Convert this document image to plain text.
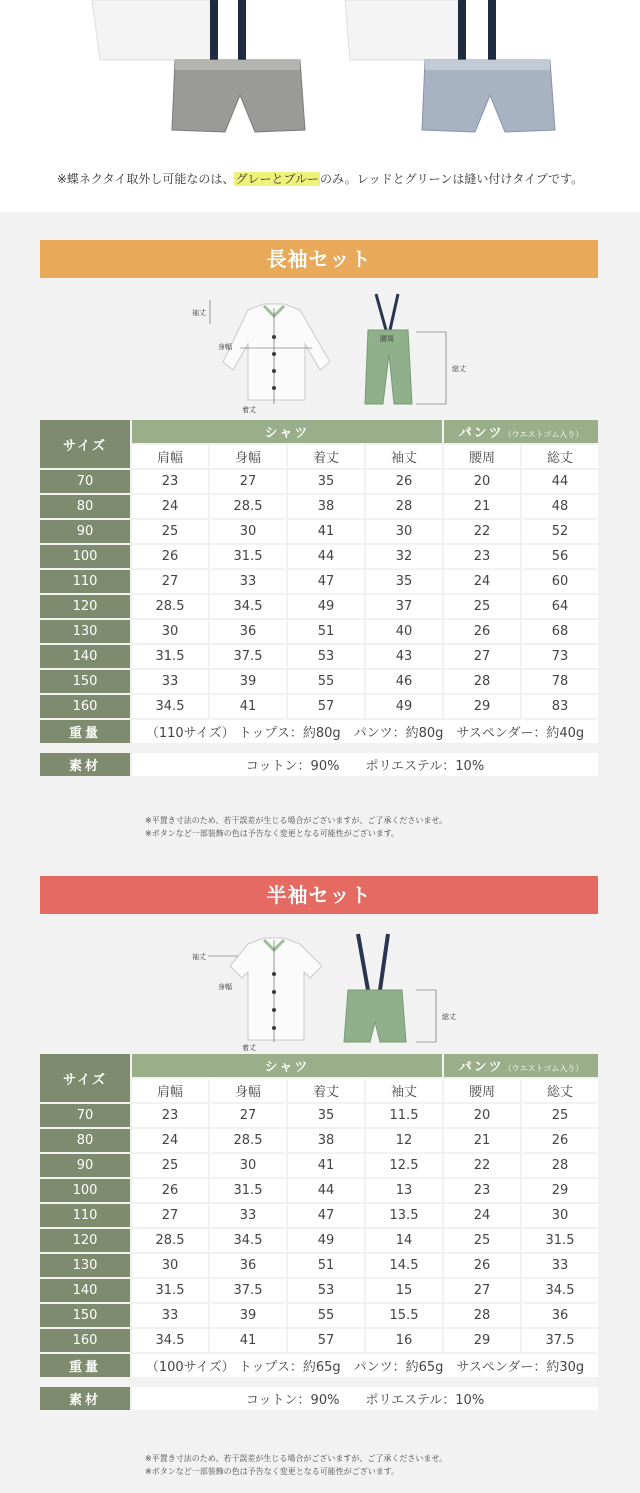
※蝶ネクタイ取外し可能なのは、グレーとブルーのみ。レッドとグリーンは縫い付けタイプです。
長袖セット
袖丈
身幅
着丈
腰周
総丈
サイズ	シャツ				パンツ（ウエストゴム入り）	
	肩幅	身幅	着丈	袖丈	腰周	総丈
70	23	27	35	26	20	44
80	24	28.5	38	28	21	48
90	25	30	41	30	22	52
100	26	31.5	44	32	23	56
110	27	33	47	35	24	60
120	28.5	34.5	49	37	25	64
130	30	36	51	40	26	68
140	31.5	37.5	53	43	27	73
150	33	39	55	46	28	78
160	34.5	41	57	49	29	83
重量	（110サイズ） トップス：約80g　パンツ：約80g　サスペンダー：約40g					
素材	コットン：90%　　ポリエステル：10%
※平置き寸法のため、若干誤差が生じる場合がございますが、ご了承くださいませ。
※ボタンなど一部装飾の色は予告なく変更となる可能性がございます。
半袖セット
袖丈
身幅
着丈
総丈
サイズ	シャツ				パンツ（ウエストゴム入り）	
	肩幅	身幅	着丈	袖丈	腰周	総丈
70	23	27	35	11.5	20	25
80	24	28.5	38	12	21	26
90	25	30	41	12.5	22	28
100	26	31.5	44	13	23	29
110	27	33	47	13.5	24	30
120	28.5	34.5	49	14	25	31.5
130	30	36	51	14.5	26	33
140	31.5	37.5	53	15	27	34.5
150	33	39	55	15.5	28	36
160	34.5	41	57	16	29	37.5
重量	（100サイズ） トップス：約65g　パンツ：約65g　サスペンダー：約30g					
素材	コットン：90%　　ポリエステル：10%
※平置き寸法のため、若干誤差が生じる場合がございますが、ご了承くださいませ。
※ボタンなど一部装飾の色は予告なく変更となる可能性がございます。
